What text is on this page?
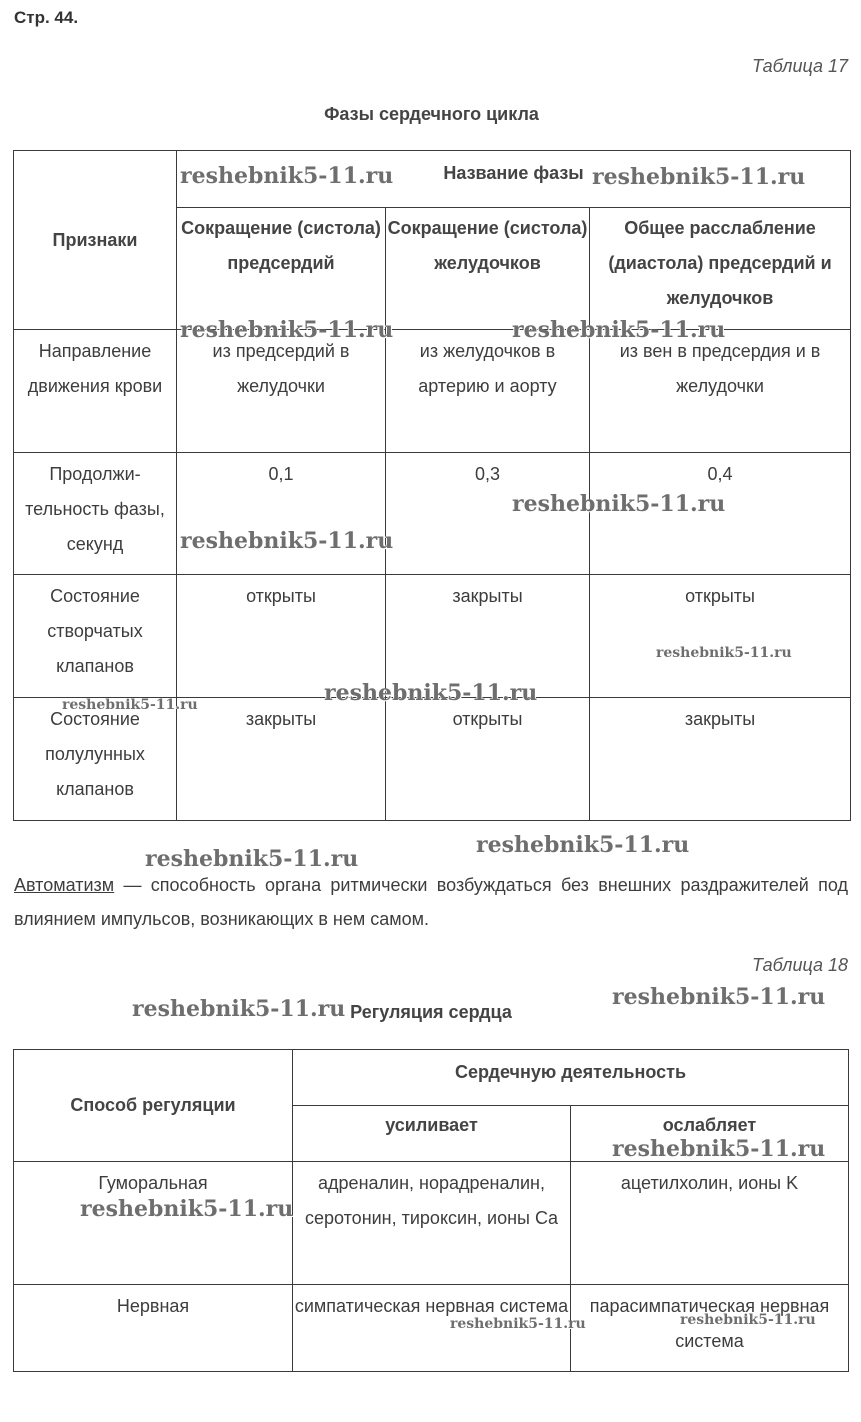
Стр. 44.
Таблица 17
Фазы сердечного цикла
Признаки	Название фазы		
	Сокращение (систола) предсердий	Сокращение (систола) желудочков	Общее расслабление (диастола) предсердий и желудочков
Направление движения крови	из предсердий в желудочки	из желудочков в артерию и аорту	из вен в предсердия и в желудочки
Продолжи-тельность фазы, секунд	0,1	0,3	0,4
Состояние створчатых клапанов	открыты	закрыты	открыты
Состояние полулунных клапанов	закрыты	открыты	закрыты
Автоматизм — способность органа ритмически возбуждаться без внешних раздражителей под влиянием импульсов, возникающих в нем самом.
Таблица 18
Регуляция сердца
Способ регуляции	Сердечную деятельность	
	усиливает	ослабляет
Гуморальная	адреналин, норадреналин, серотонин, тироксин, ионы Ca	ацетилхолин, ионы K
Нервная	симпатическая нервная система	парасимпатическая нервная система
reshebnik5-11.ru	reshebnik5-11.ru
reshebnik5-11.ru	reshebnik5-11.ru
reshebnik5-11.ru
reshebnik5-11.ru
reshebnik5-11.ru
reshebnik5-11.ru
reshebnik5-11.ru
reshebnik5-11.ru
reshebnik5-11.ru
reshebnik5-11.ru
reshebnik5-11.ru
reshebnik5-11.ru
reshebnik5-11.ru
reshebnik5-11.ru
reshebnik5-11.ru
